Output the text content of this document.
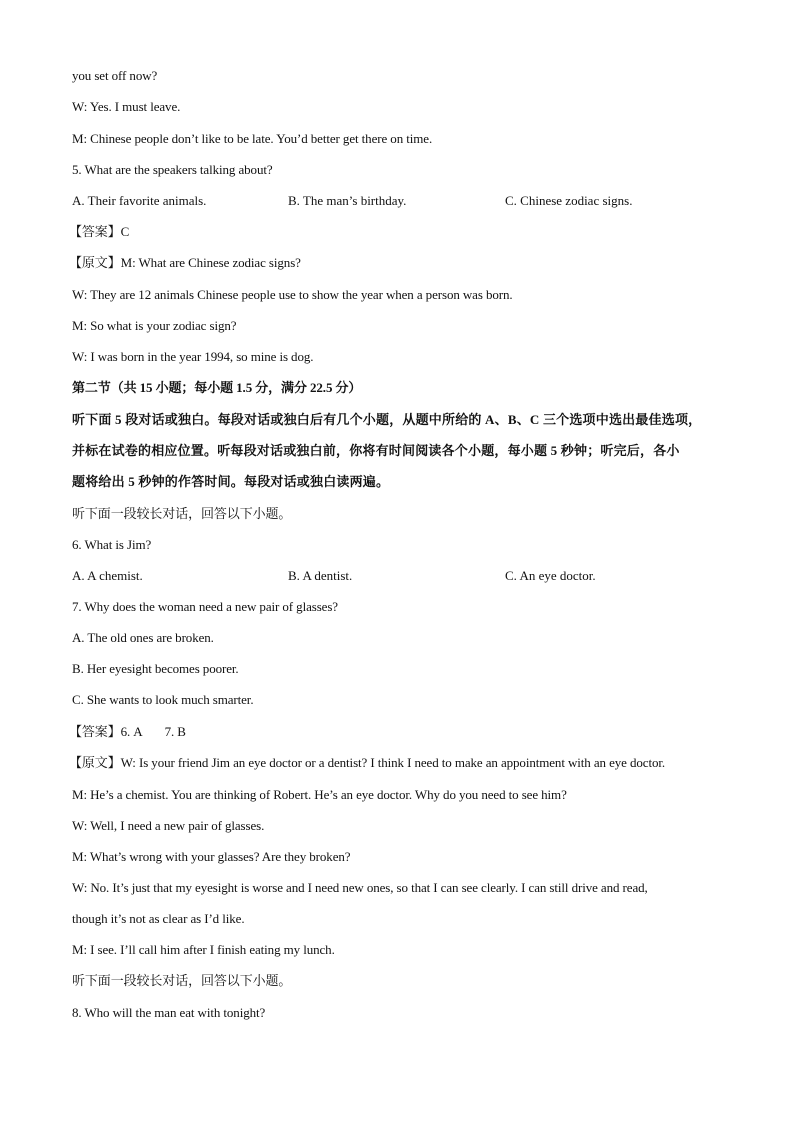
you set off now?
W: Yes. I must leave.
M: Chinese people don’t like to be late. You’d better get there on time.
5. What are the speakers talking about?
A. Their favorite animals.	B. The man’s birthday.	C. Chinese zodiac signs.
【答案】C
【原文】M: What are Chinese zodiac signs?
W: They are 12 animals Chinese people use to show the year when a person was born.
M: So what is your zodiac sign?
W: I was born in the year 1994, so mine is dog.
第二节（共 15 小题；每小题 1.5 分，满分 22.5 分）
听下面 5 段对话或独白。每段对话或独白后有几个小题，从题中所给的 A、B、C 三个选项中选出最佳选项，
并标在试卷的相应位置。听每段对话或独白前，你将有时间阅读各个小题，每小题 5 秒钟；听完后，各小
题将给出 5 秒钟的作答时间。每段对话或独白读两遍。
听下面一段较长对话，回答以下小题。
6. What is Jim?
A. A chemist.	B. A dentist.	C. An eye doctor.
7. Why does the woman need a new pair of glasses?
A. The old ones are broken.
B. Her eyesight becomes poorer.
C. She wants to look much smarter.
【答案】6. A 7. B
【原文】W: Is your friend Jim an eye doctor or a dentist? I think I need to make an appointment with an eye doctor.
M: He’s a chemist. You are thinking of Robert. He’s an eye doctor. Why do you need to see him?
W: Well, I need a new pair of glasses.
M: What’s wrong with your glasses? Are they broken?
W: No. It’s just that my eyesight is worse and I need new ones, so that I can see clearly. I can still drive and read,
though it’s not as clear as I’d like.
M: I see. I’ll call him after I finish eating my lunch.
听下面一段较长对话，回答以下小题。
8. Who will the man eat with tonight?
